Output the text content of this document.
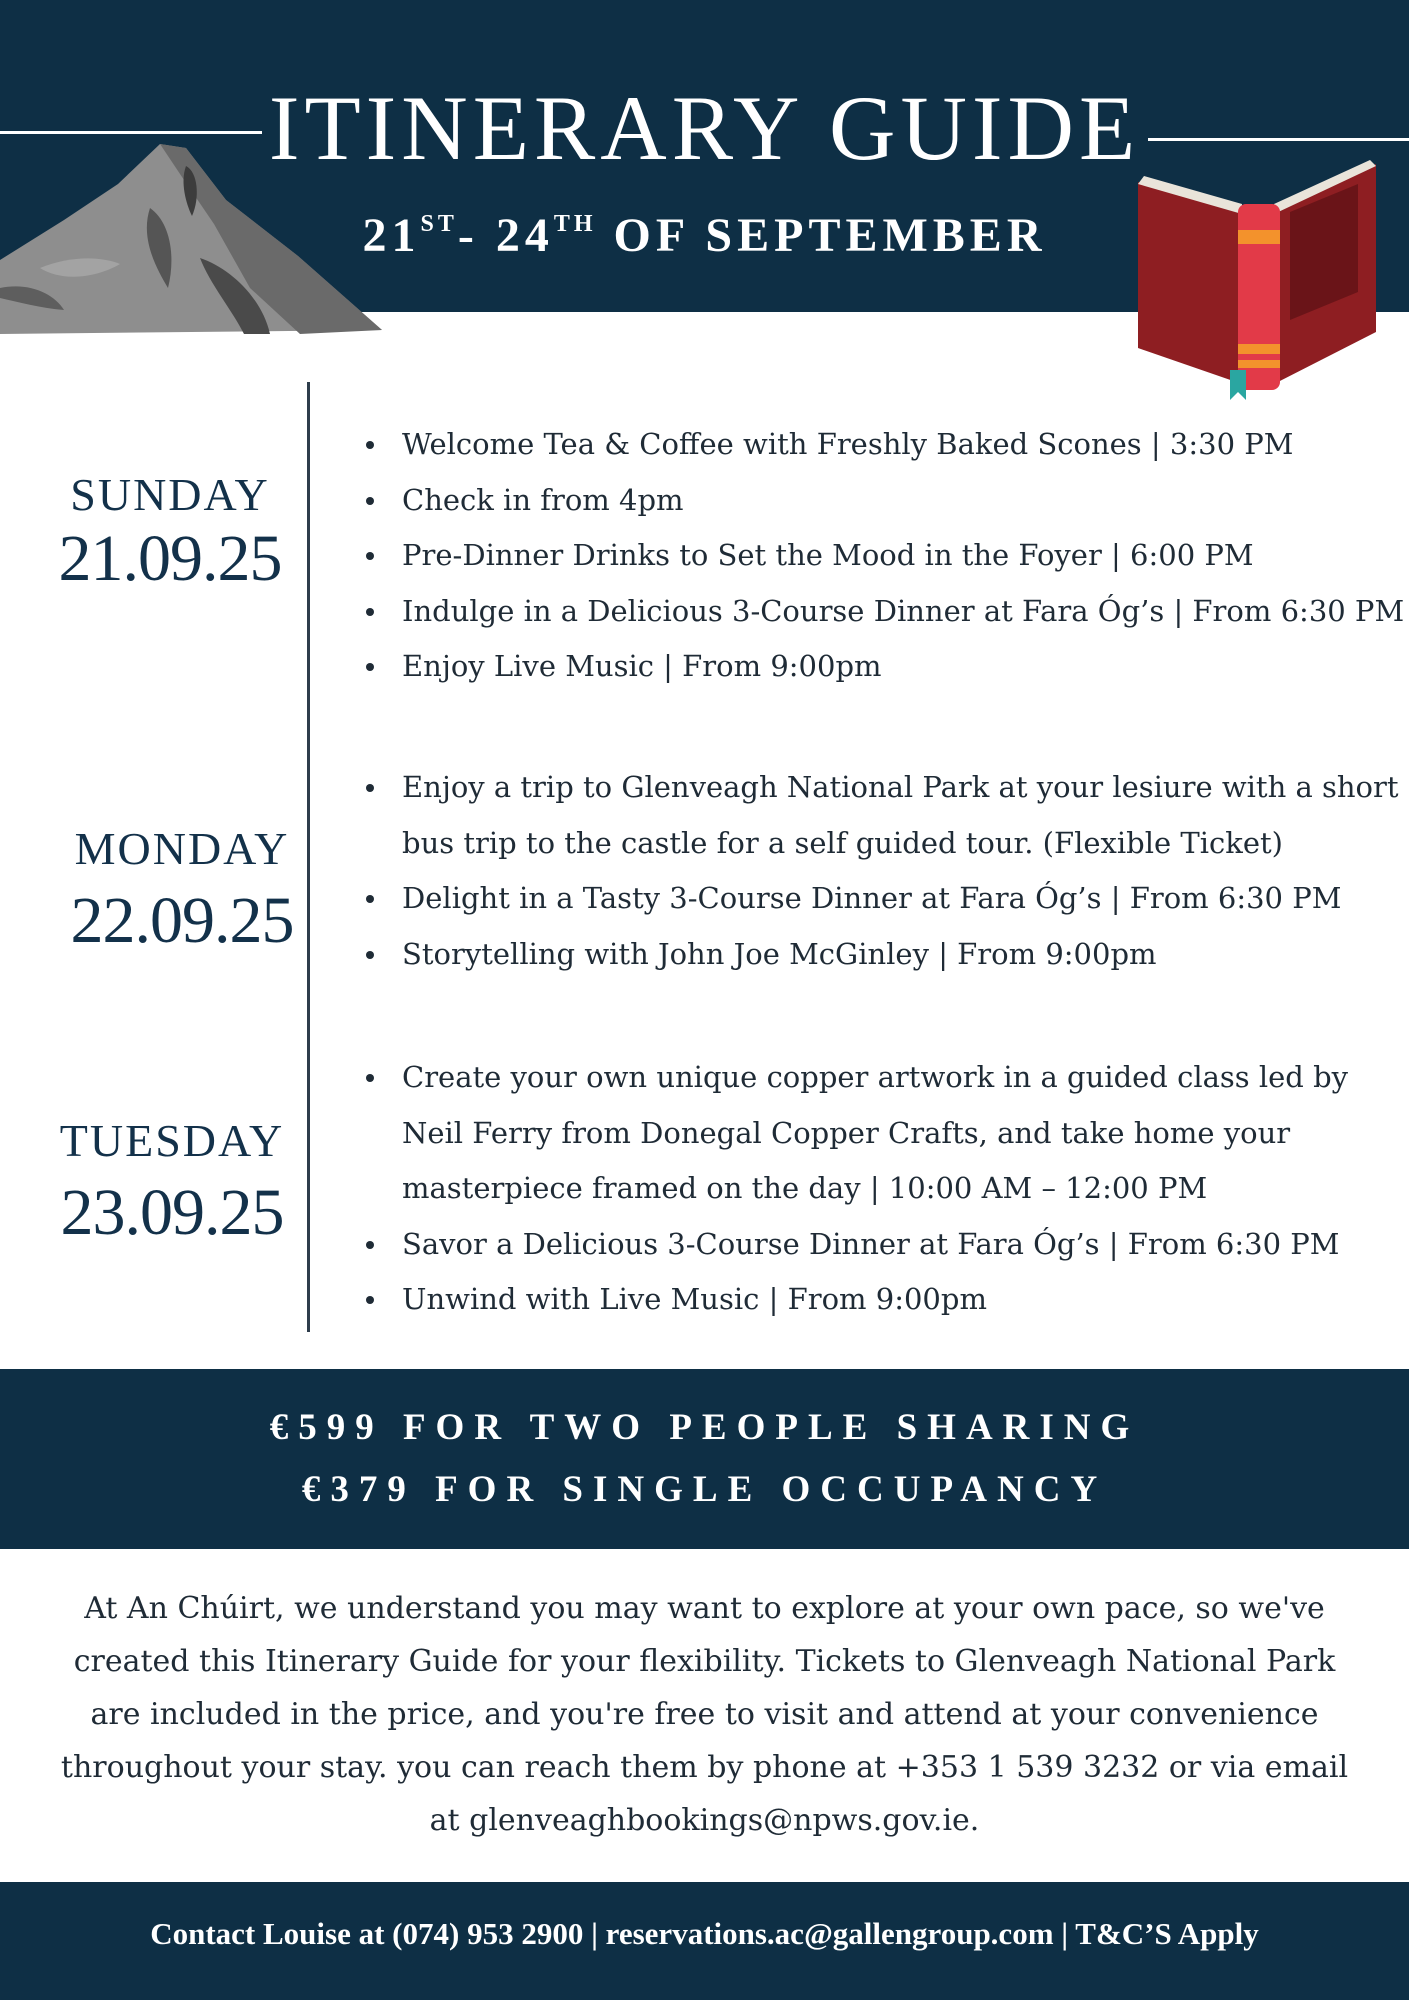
ITINERARY GUIDE
21ST- 24TH OF SEPTEMBER
SUNDAY
21.09.25
Welcome Tea & Coffee with Freshly Baked Scones | 3:30 PM
Check in from 4pm
Pre-Dinner Drinks to Set the Mood in the Foyer | 6:00 PM
Indulge in a Delicious 3-Course Dinner at Fara Óg’s | From 6:30 PM
Enjoy Live Music | From 9:00pm
MONDAY
22.09.25
Enjoy a trip to Glenveagh National Park at your lesiure with a short
bus trip to the castle for a self guided tour. (Flexible Ticket)
Delight in a Tasty 3-Course Dinner at Fara Óg’s | From 6:30 PM
Storytelling with John Joe McGinley | From 9:00pm
TUESDAY
23.09.25
Create your own unique copper artwork in a guided class led by
Neil Ferry from Donegal Copper Crafts, and take home your
masterpiece framed on the day | 10:00 AM – 12:00 PM
Savor a Delicious 3-Course Dinner at Fara Óg’s | From 6:30 PM
Unwind with Live Music | From 9:00pm
€599 FOR TWO PEOPLE SHARING
€379 FOR SINGLE OCCUPANCY
At An Chúirt, we understand you may want to explore at your own pace, so we've
created this Itinerary Guide for your flexibility. Tickets to Glenveagh National Park
are included in the price, and you're free to visit and attend at your convenience
throughout your stay. you can reach them by phone at +353 1 539 3232 or via email
at glenveaghbookings@npws.gov.ie.
Contact Louise at (074) 953 2900 | reservations.ac@gallengroup.com | T&C’S Apply
